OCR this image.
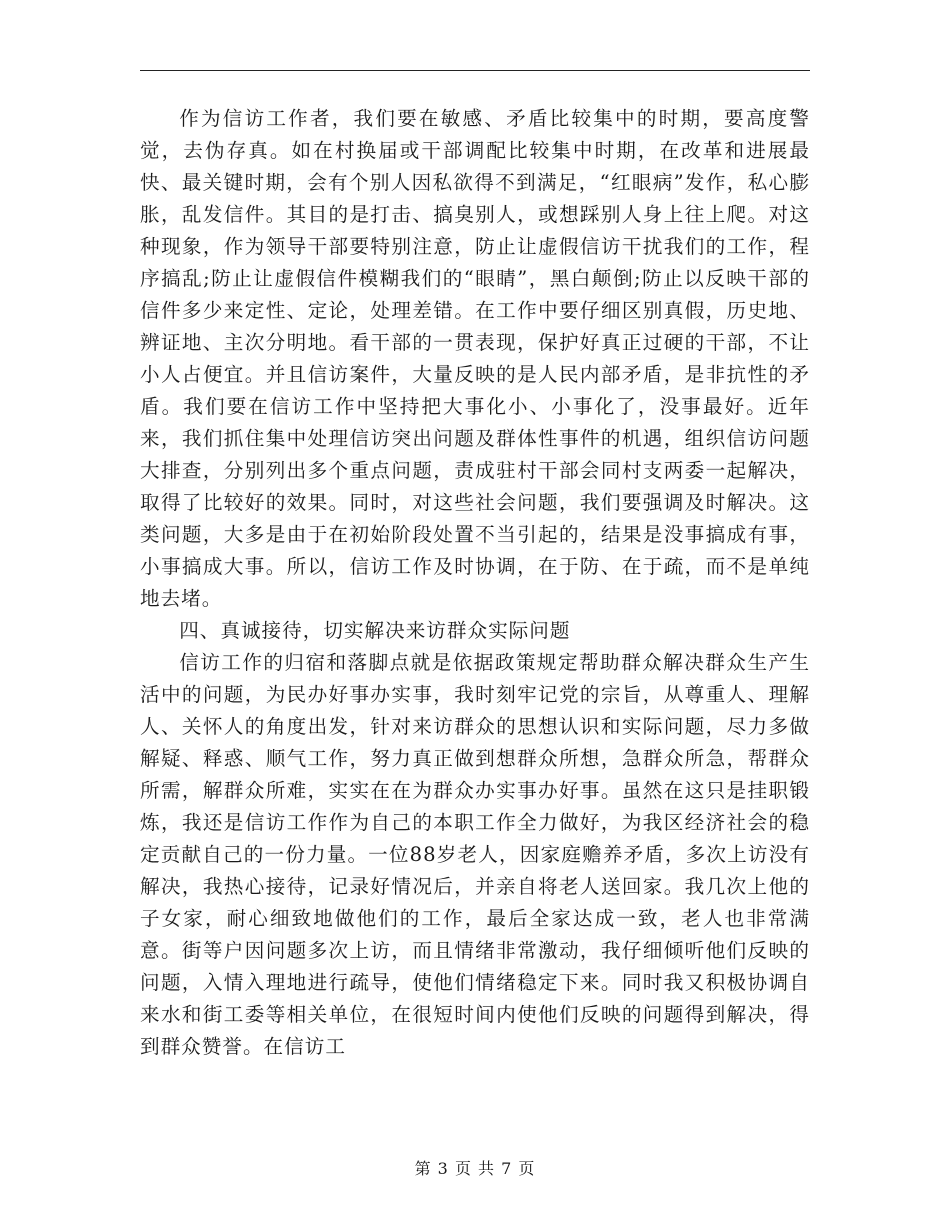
作为信访工作者，我们要在敏感、矛盾比较集中的时期，要高度警觉，去伪存真。如在村换届或干部调配比较集中时期，在改革和进展最快、最关键时期，会有个别人因私欲得不到满足，“红眼病”发作，私心膨胀，乱发信件。其目的是打击、搞臭别人，或想踩别人身上往上爬。对这种现象，作为领导干部要特别注意，防止让虚假信访干扰我们的工作，程序搞乱;防止让虚假信件模糊我们的“眼睛”，黑白颠倒;防止以反映干部的信件多少来定性、定论，处理差错。在工作中要仔细区别真假，历史地、辨证地、主次分明地。看干部的一贯表现，保护好真正过硬的干部，不让小人占便宜。并且信访案件，大量反映的是人民内部矛盾，是非抗性的矛盾。我们要在信访工作中坚持把大事化小、小事化了，没事最好。近年来，我们抓住集中处理信访突出问题及群体性事件的机遇，组织信访问题大排查，分别列出多个重点问题，责成驻村干部会同村支两委一起解决，取得了比较好的效果。同时，对这些社会问题，我们要强调及时解决。这类问题，大多是由于在初始阶段处置不当引起的，结果是没事搞成有事，小事搞成大事。所以，信访工作及时协调，在于防、在于疏，而不是单纯地去堵。

四、真诚接待，切实解决来访群众实际问题

信访工作的归宿和落脚点就是依据政策规定帮助群众解决群众生产生活中的问题，为民办好事办实事，我时刻牢记党的宗旨，从尊重人、理解人、关怀人的角度出发，针对来访群众的思想认识和实际问题，尽力多做解疑、释惑、顺气工作，努力真正做到想群众所想，急群众所急，帮群众所需，解群众所难，实实在在为群众办实事办好事。虽然在这只是挂职锻炼，我还是信访工作作为自己的本职工作全力做好，为我区经济社会的稳定贡献自己的一份力量。一位88岁老人，因家庭赡养矛盾，多次上访没有解决，我热心接待，记录好情况后，并亲自将老人送回家。我几次上他的子女家，耐心细致地做他们的工作，最后全家达成一致，老人也非常满意。街等户因问题多次上访，而且情绪非常激动，我仔细倾听他们反映的问题，入情入理地进行疏导，使他们情绪稳定下来。同时我又积极协调自来水和街工委等相关单位，在很短时间内使他们反映的问题得到解决，得到群众赞誉。在信访工

第 3 页 共 7 页
